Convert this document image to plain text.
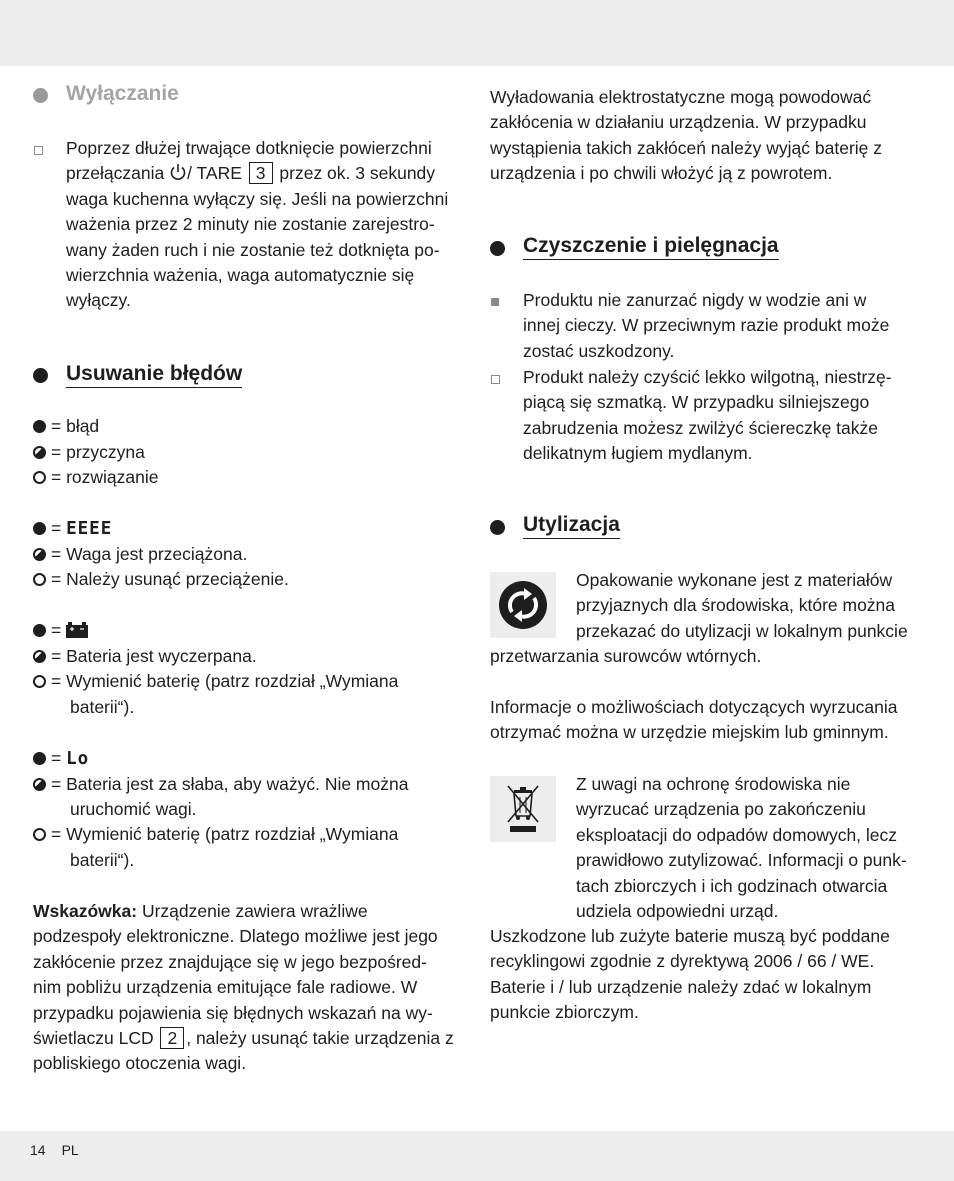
Wyłączanie
Poprzez dłużej trwające dotknięcie powierzchni
przełączania / TARE 3 przez ok. 3 sekundy
waga kuchenna wyłączy się. Jeśli na powierzchni
ważenia przez 2 minuty nie zostanie zarejestro-
wany żaden ruch i nie zostanie też dotknięta po-
wierzchnia ważenia, waga automatycznie się
wyłączy.
Usuwanie błędów
= błąd
= przyczyna
= rozwiązanie
= EEEE
= Waga jest przeciążona.
= Należy usunąć przeciążenie.
=
= Bateria jest wyczerpana.
= Wymienić baterię (patrz rozdział „Wymiana
baterii“).
= Lo
= Bateria jest za słaba, aby ważyć. Nie można
uruchomić wagi.
= Wymienić baterię (patrz rozdział „Wymiana
baterii“).
Wskazówka: Urządzenie zawiera wrażliwe
podzespoły elektroniczne. Dlatego możliwe jest jego
zakłócenie przez znajdujące się w jego bezpośred-
nim pobliżu urządzenia emitujące fale radiowe. W
przypadku pojawienia się błędnych wskazań na wy-
świetlaczu LCD 2 , należy usunąć takie urządzenia z
pobliskiego otoczenia wagi.
Wyładowania elektrostatyczne mogą powodować
zakłócenia w działaniu urządzenia. W przypadku
wystąpienia takich zakłóceń należy wyjąć baterię z
urządzenia i po chwili włożyć ją z powrotem.
Czyszczenie i pielęgnacja
Produktu nie zanurzać nigdy w wodzie ani w
innej cieczy. W przeciwnym razie produkt może
zostać uszkodzony.
Produkt należy czyścić lekko wilgotną, niestrzę-
piącą się szmatką. W przypadku silniejszego
zabrudzenia możesz zwilżyć ściereczkę także
delikatnym ługiem mydlanym.
Utylizacja
Opakowanie wykonane jest z materiałów
przyjaznych dla środowiska, które można
przekazać do utylizacji w lokalnym punkcie
przetwarzania surowców wtórnych.
Informacje o możliwościach dotyczących wyrzucania
otrzymać można w urzędzie miejskim lub gminnym.
Z uwagi na ochronę środowiska nie
wyrzucać urządzenia po zakończeniu
eksploatacji do odpadów domowych, lecz
prawidłowo zutylizować. Informacji o punk-
tach zbiorczych i ich godzinach otwarcia
udziela odpowiedni urząd.
Uszkodzone lub zużyte baterie muszą być poddane
recyklingowi zgodnie z dyrektywą 2006 / 66 / WE.
Baterie i / lub urządzenie należy zdać w lokalnym
punkcie zbiorczym.
14 PL
